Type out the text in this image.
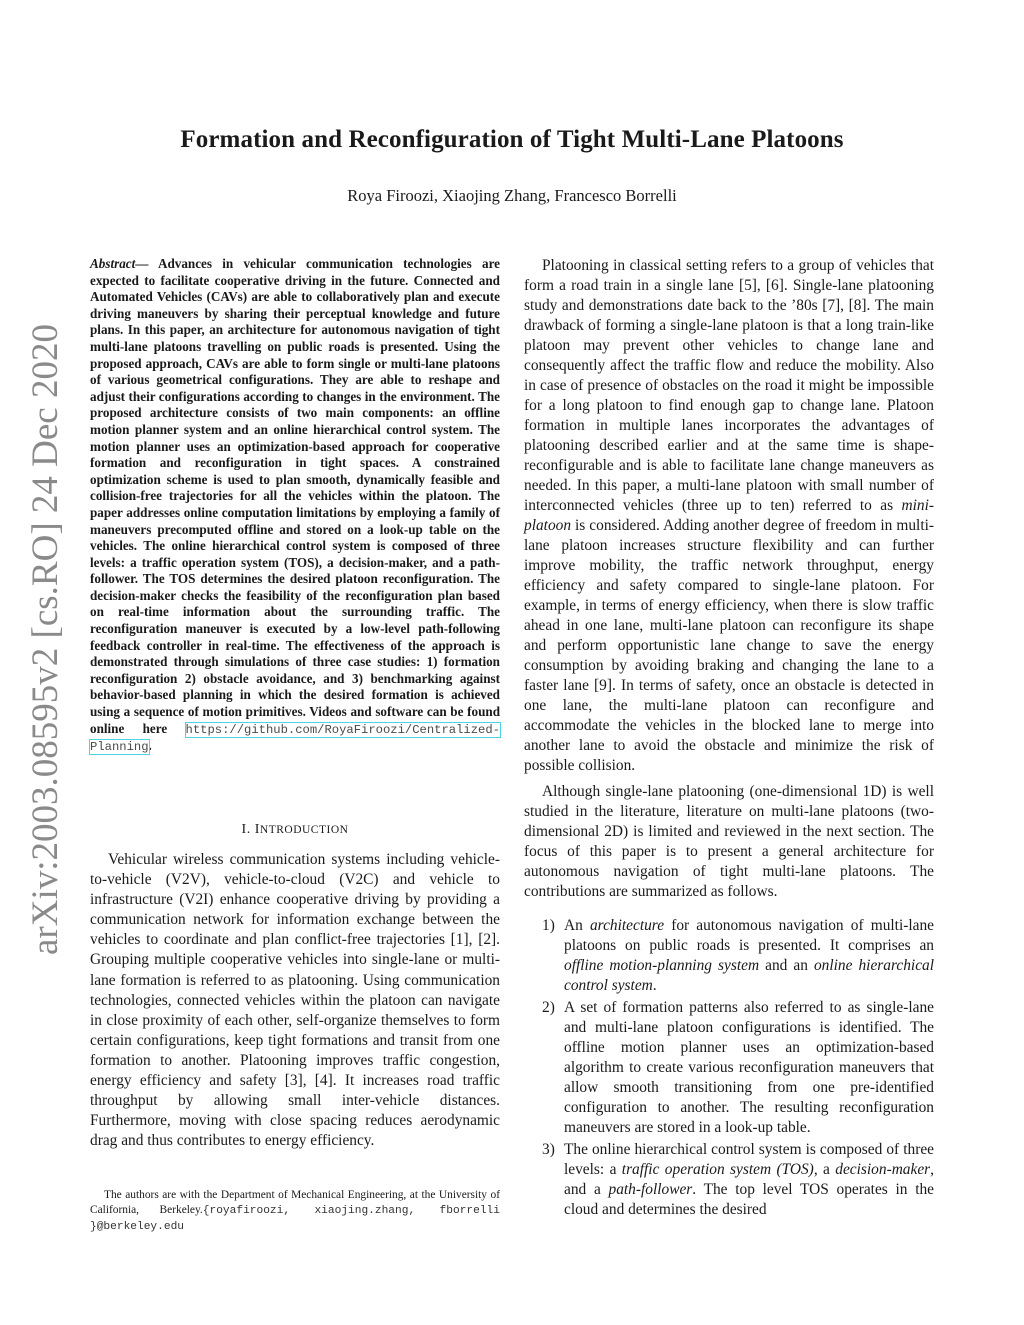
Formation and Reconfiguration of Tight Multi-Lane Platoons
Roya Firoozi, Xiaojing Zhang, Francesco Borrelli
arXiv:2003.08595v2 [cs.RO] 24 Dec 2020
Abstract— Advances in vehicular communication technologies are expected to facilitate cooperative driving in the future. Connected and Automated Vehicles (CAVs) are able to collaboratively plan and execute driving maneuvers by sharing their perceptual knowledge and future plans. In this paper, an architecture for autonomous navigation of tight multi-lane platoons travelling on public roads is presented. Using the proposed approach, CAVs are able to form single or multi-lane platoons of various geometrical configurations. They are able to reshape and adjust their configurations according to changes in the environment. The proposed architecture consists of two main components: an offline motion planner system and an online hierarchical control system. The motion planner uses an optimization-based approach for cooperative formation and reconfiguration in tight spaces. A constrained optimization scheme is used to plan smooth, dynamically feasible and collision-free trajectories for all the vehicles within the platoon. The paper addresses online computation limitations by employing a family of maneuvers precomputed offline and stored on a look-up table on the vehicles. The online hierarchical control system is composed of three levels: a traffic operation system (TOS), a decision-maker, and a path-follower. The TOS determines the desired platoon reconfiguration. The decision-maker checks the feasibility of the reconfiguration plan based on real-time information about the surrounding traffic. The reconfiguration maneuver is executed by a low-level path-following feedback controller in real-time. The effectiveness of the approach is demonstrated through simulations of three case studies: 1) formation reconfiguration 2) obstacle avoidance, and 3) benchmarking against behavior-based planning in which the desired formation is achieved using a sequence of motion primitives. Videos and software can be found online here https://github.com/RoyaFiroozi/Centralized-Planning.
I. INTRODUCTION
Vehicular wireless communication systems including vehicle-to-vehicle (V2V), vehicle-to-cloud (V2C) and vehicle to infrastructure (V2I) enhance cooperative driving by providing a communication network for information exchange between the vehicles to coordinate and plan conflict-free trajectories [1], [2]. Grouping multiple cooperative vehicles into single-lane or multi-lane formation is referred to as platooning. Using communication technologies, connected vehicles within the platoon can navigate in close proximity of each other, self-organize themselves to form certain configurations, keep tight formations and transit from one formation to another. Platooning improves traffic congestion, energy efficiency and safety [3], [4]. It increases road traffic throughput by allowing small inter-vehicle distances. Furthermore, moving with close spacing reduces aerodynamic drag and thus contributes to energy efficiency.
The authors are with the Department of Mechanical Engineering, at the University of California, Berkeley.{royafiroozi, xiaojing.zhang, fborrelli }@berkeley.edu

Platooning in classical setting refers to a group of vehicles that form a road train in a single lane [5], [6]. Single-lane platooning study and demonstrations date back to the ’80s [7], [8]. The main drawback of forming a single-lane platoon is that a long train-like platoon may prevent other vehicles to change lane and consequently affect the traffic flow and reduce the mobility. Also in case of presence of obstacles on the road it might be impossible for a long platoon to find enough gap to change lane. Platoon formation in multiple lanes incorporates the advantages of platooning described earlier and at the same time is shape-reconfigurable and is able to facilitate lane change maneuvers as needed. In this paper, a multi-lane platoon with small number of interconnected vehicles (three up to ten) referred to as mini-platoon is considered. Adding another degree of freedom in multi-lane platoon increases structure flexibility and can further improve mobility, the traffic network throughput, energy efficiency and safety compared to single-lane platoon. For example, in terms of energy efficiency, when there is slow traffic ahead in one lane, multi-lane platoon can reconfigure its shape and perform opportunistic lane change to save the energy consumption by avoiding braking and changing the lane to a faster lane [9]. In terms of safety, once an obstacle is detected in one lane, the multi-lane platoon can reconfigure and accommodate the vehicles in the blocked lane to merge into another lane to avoid the obstacle and minimize the risk of possible collision.

Although single-lane platooning (one-dimensional 1D) is well studied in the literature, literature on multi-lane platoons (two-dimensional 2D) is limited and reviewed in the next section. The focus of this paper is to present a general architecture for autonomous navigation of tight multi-lane platoons. The contributions are summarized as follows.

1) An architecture for autonomous navigation of multi-lane platoons on public roads is presented. It comprises an offline motion-planning system and an online hierarchical control system.
2) A set of formation patterns also referred to as single-lane and multi-lane platoon configurations is identified. The offline motion planner uses an optimization-based algorithm to create various reconfiguration maneuvers that allow smooth transitioning from one pre-identified configuration to another. The resulting reconfiguration maneuvers are stored in a look-up table.
3) The online hierarchical control system is composed of three levels: a traffic operation system (TOS), a decision-maker, and a path-follower. The top level TOS operates in the cloud and determines the desired
